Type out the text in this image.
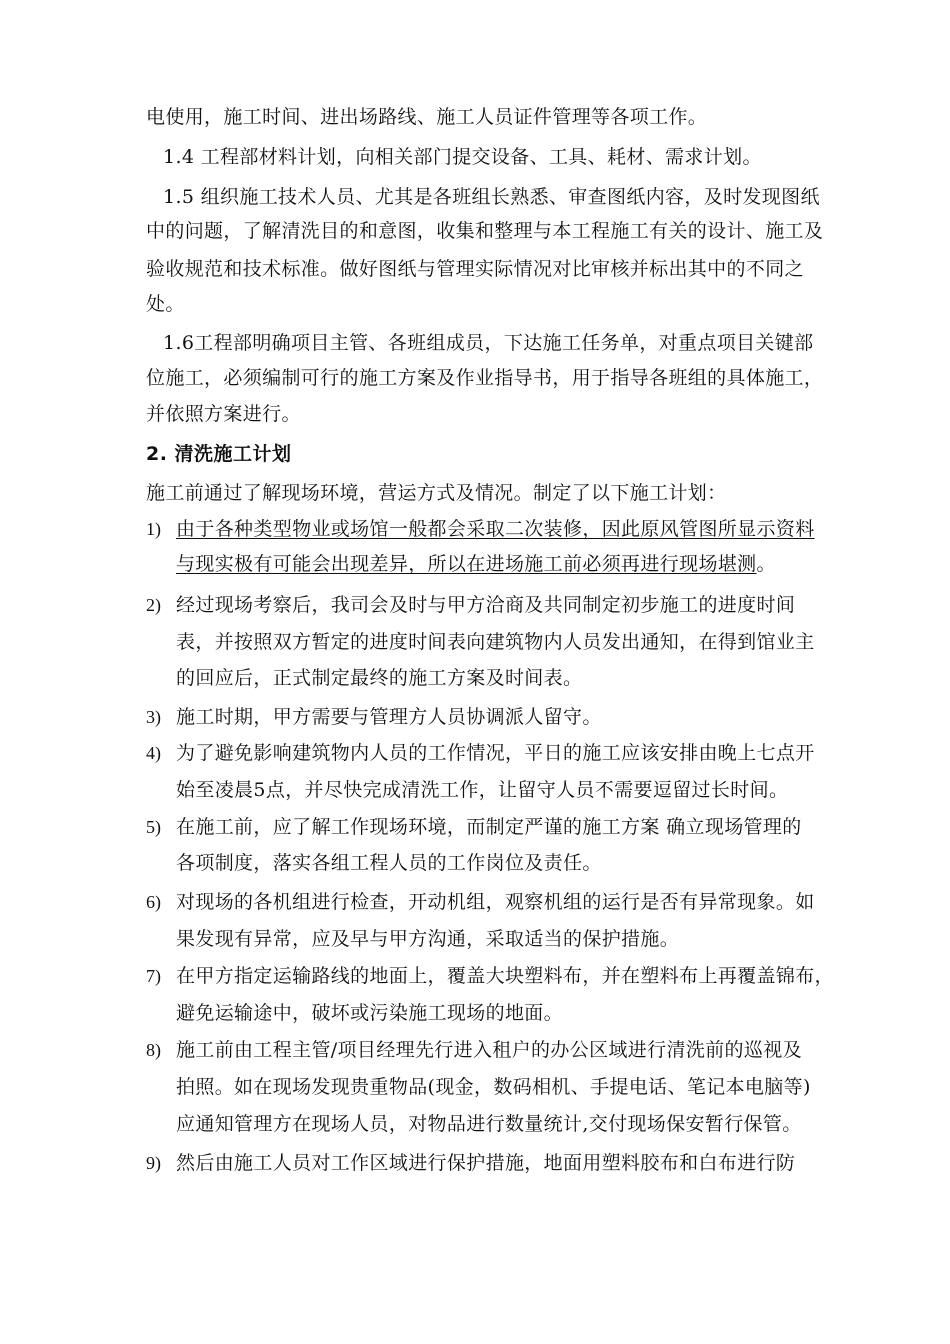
电使用，施工时间、进出场路线、施工人员证件管理等各项工作。
1.4 工程部材料计划，向相关部门提交设备、工具、耗材、需求计划。
1.5 组织施工技术人员、尤其是各班组长熟悉、审查图纸内容，及时发现图纸
中的问题，了解清洗目的和意图，收集和整理与本工程施工有关的设计、施工及
验收规范和技术标准。做好图纸与管理实际情况对比审核并标出其中的不同之
处。
1.6工程部明确项目主管、各班组成员，下达施工任务单，对重点项目关键部
位施工，必须编制可行的施工方案及作业指导书，用于指导各班组的具体施工，
并依照方案进行。
2. 清洗施工计划
施工前通过了解现场环境，营运方式及情况。制定了以下施工计划：
1) 由于各种类型物业或场馆一般都会采取二次装修，因此原风管图所显示资料
与现实极有可能会出现差异，所以在进场施工前必须再进行现场堪测。
2) 经过现场考察后，我司会及时与甲方洽商及共同制定初步施工的进度时间
表，并按照双方暂定的进度时间表向建筑物内人员发出通知，在得到馆业主
的回应后，正式制定最终的施工方案及时间表。
3) 施工时期，甲方需要与管理方人员协调派人留守。
4) 为了避免影响建筑物内人员的工作情况，平日的施工应该安排由晚上七点开
始至凌晨5点，并尽快完成清洗工作，让留守人员不需要逗留过长时间。
5) 在施工前，应了解工作现场环境，而制定严谨的施工方案 确立现场管理的
各项制度，落实各组工程人员的工作岗位及责任。
6) 对现场的各机组进行检查，开动机组，观察机组的运行是否有异常现象。如
果发现有异常，应及早与甲方沟通，采取适当的保护措施。
7) 在甲方指定运输路线的地面上，覆盖大块塑料布，并在塑料布上再覆盖锦布，
避免运输途中，破坏或污染施工现场的地面。
8) 施工前由工程主管/项目经理先行进入租户的办公区域进行清洗前的巡视及
拍照。如在现场发现贵重物品(现金，数码相机、手提电话、笔记本电脑等)
应通知管理方在现场人员，对物品进行数量统计,交付现场保安暂行保管。
9) 然后由施工人员对工作区域进行保护措施，地面用塑料胶布和白布进行防
